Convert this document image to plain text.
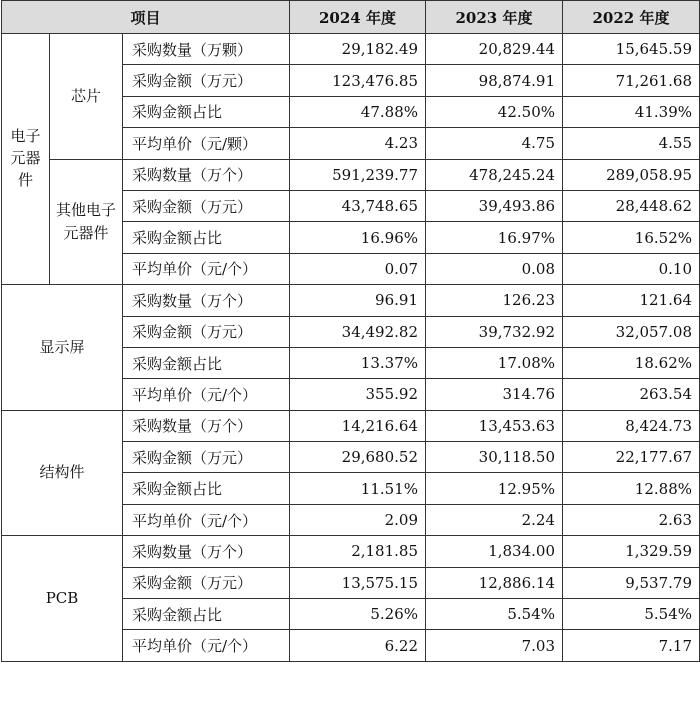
项目			2024 年度	2023 年度	2022 年度
电子元器件	芯片	采购数量（万颗）	29,182.49	20,829.44	15,645.59
		采购金额（万元）	123,476.85	98,874.91	71,261.68
		采购金额占比	47.88%	42.50%	41.39%
		平均单价（元/颗）	4.23	4.75	4.55
	其他电子元器件	采购数量（万个）	591,239.77	478,245.24	289,058.95
		采购金额（万元）	43,748.65	39,493.86	28,448.62
		采购金额占比	16.96%	16.97%	16.52%
		平均单价（元/个）	0.07	0.08	0.10
显示屏		采购数量（万个）	96.91	126.23	121.64
		采购金额（万元）	34,492.82	39,732.92	32,057.08
		采购金额占比	13.37%	17.08%	18.62%
		平均单价（元/个）	355.92	314.76	263.54
结构件		采购数量（万个）	14,216.64	13,453.63	8,424.73
		采购金额（万元）	29,680.52	30,118.50	22,177.67
		采购金额占比	11.51%	12.95%	12.88%
		平均单价（元/个）	2.09	2.24	2.63
PCB		采购数量（万个）	2,181.85	1,834.00	1,329.59
		采购金额（万元）	13,575.15	12,886.14	9,537.79
		采购金额占比	5.26%	5.54%	5.54%
		平均单价（元/个）	6.22	7.03	7.17
